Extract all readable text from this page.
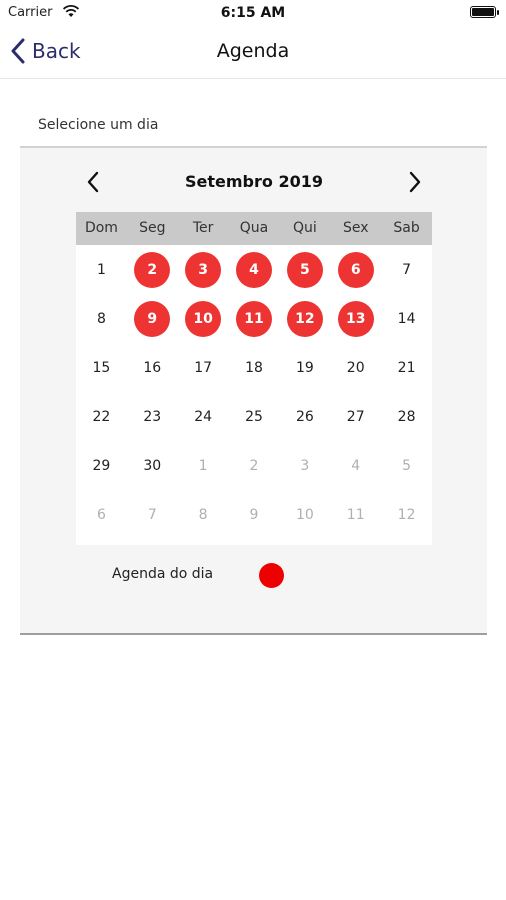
Carrier	6:15 AM
Back	Agenda
Selecione um dia
Setembro 2019
Dom	Seg	Ter	Qua	Qui	Sex	Sab
1	2	3	4	5	6	7
8	9	10	11	12	13	14
15	16	17	18	19	20	21
22	23	24	25	26	27	28
29	30	1	2	3	4	5
6	7	8	9	10	11	12
Agenda do dia
